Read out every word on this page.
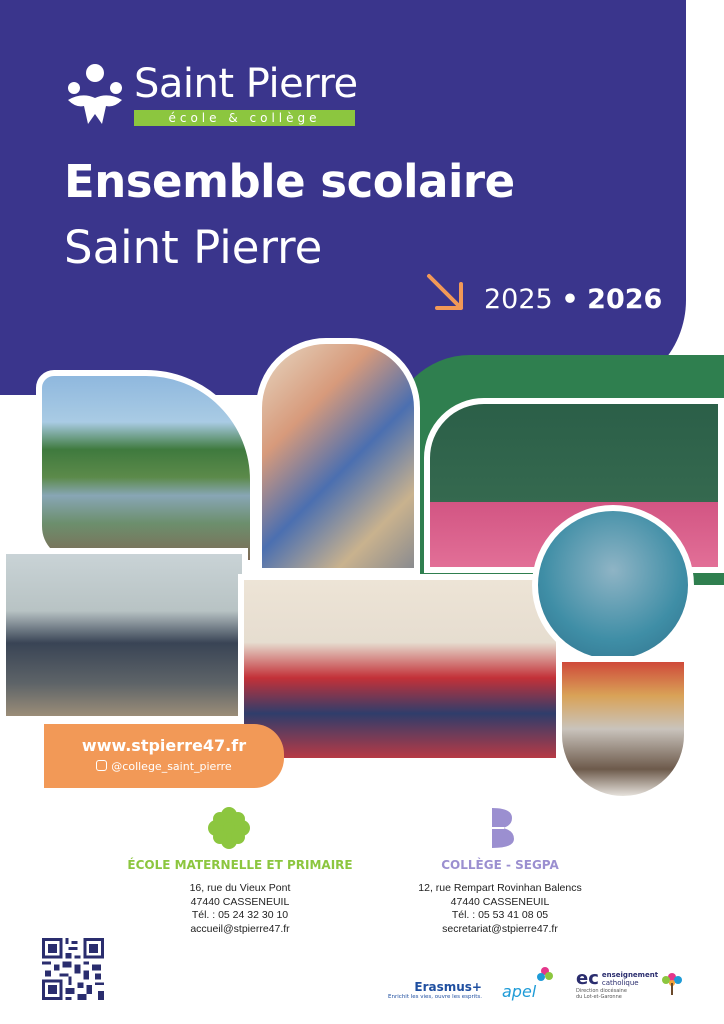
Saint Pierre
école & collège
Ensemble scolaire
Saint Pierre
2025 • 2026
www.stpierre47.fr
@college_saint_pierre
ÉCOLE MATERNELLE ET PRIMAIRE
16, rue du Vieux Pont
47440 CASSENEUIL
Tél. : 05 24 32 30 10
accueil@stpierre47.fr
COLLÈGE - SEGPA
12, rue Rempart Rovinhan Balencs
47440 CASSENEUIL
Tél. : 05 53 41 08 05
secretariat@stpierre47.fr
Erasmus+
Enrichit les vies, ouvre les esprits. apel
ec enseignement
catholique
Direction diocésaine
du Lot-et-Garonne
